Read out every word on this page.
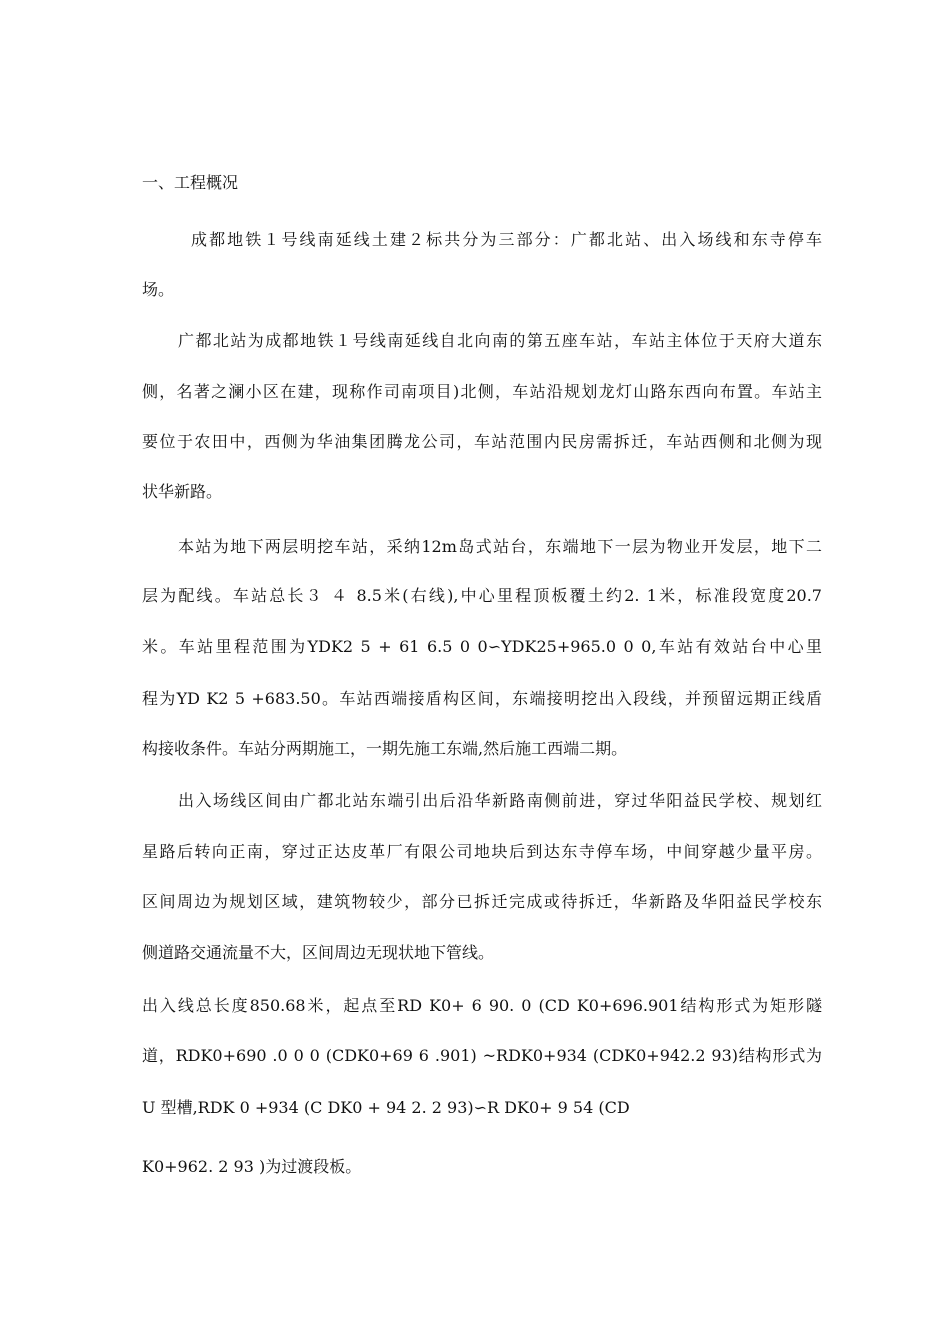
一、工程概况
成都地铁１号线南延线土建２标共分为三部分：广都北站、出入场线和东寺停车
场。
广都北站为成都地铁１号线南延线自北向南的第五座车站，车站主体位于天府大道东
侧，名著之澜小区在建，现称作司南项目)北侧，车站沿规划龙灯山路东西向布置。车站主
要位于农田中，西侧为华油集团腾龙公司，车站范围内民房需拆迁，车站西侧和北侧为现
状华新路。
本站为地下两层明挖车站，采纳12m岛式站台，东端地下一层为物业开发层，地下二
层为配线。车站总长３ ４ 8.5米(右线),中心里程顶板覆土约2. 1米，标准段宽度20.7
米。车站里程范围为YDK2 5 + 61 6.5 0 0∽YDK25+965.0 0 0,车站有效站台中心里
程为YD K2 5 +683.50。车站西端接盾构区间，东端接明挖出入段线，并预留远期正线盾
构接收条件。车站分两期施工，一期先施工东端,然后施工西端二期。
出入场线区间由广都北站东端引出后沿华新路南侧前进，穿过华阳益民学校、规划红
星路后转向正南，穿过正达皮革厂有限公司地块后到达东寺停车场，中间穿越少量平房。
区间周边为规划区域，建筑物较少，部分已拆迁完成或待拆迁，华新路及华阳益民学校东
侧道路交通流量不大，区间周边无现状地下管线。
出入线总长度850.68米，起点至RD K0+ 6 90. 0 (CD K0+696.901结构形式为矩形隧
道，RDK0+690 .0 0 0 (CDK0+69 6 .901) ~RDK0+934 (CDK0+942.2 93)结构形式为
U 型槽,RDK 0 +934 (C DK0 + 94 2. 2 93)∽R DK0+ 9 54 (CD
K0+962. 2 93 )为过渡段板。
